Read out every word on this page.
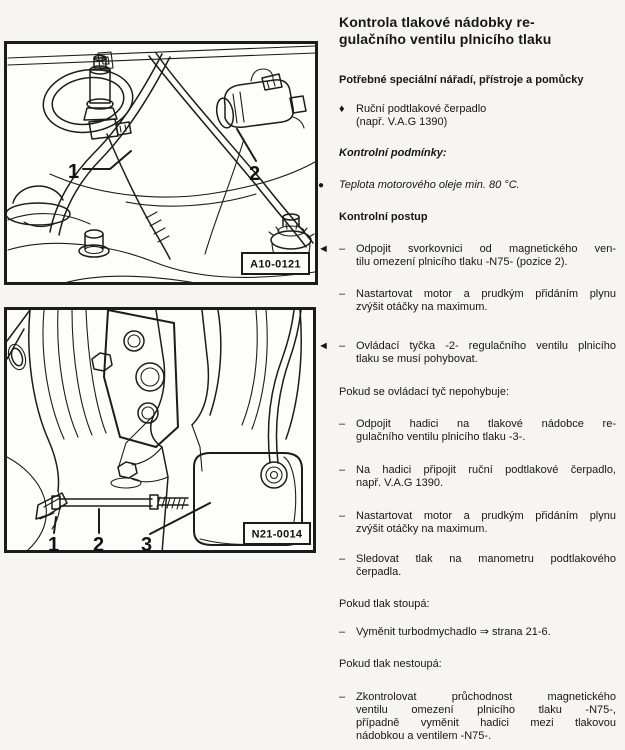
1	2
A10-0121
1 2 3	N21-0014
Kontrola tlakové nádobky re-
gulačního ventilu plnicího tlaku

Potřebné speciální nářadí, přístroje a pomůcky

♦	Ruční podtlakové čerpadlo
(např. V.A.G 1390)

Kontrolní podmínky:

● Teplota motorového oleje min. 80 °C.

Kontrolní postup

◄ – Odpojit svorkovnici od magnetického ven-
tilu omezení plnicího tlaku -N75- (pozice 2).
– Nastartovat motor a prudkým přidáním plynu
zvýšit otáčky na maximum.
◄ – Ovládací tyčka -2- regulačního ventilu plnicího
tlaku se musí pohybovat.

Pokud se ovládací tyč nepohybuje:

– Odpojit hadici na tlakové nádobce re-
gulačního ventilu plnicího tlaku -3-.
– Na hadici připojit ruční podtlakové čerpadlo,
např. V.A.G 1390.
– Nastartovat motor a prudkým přidáním plynu
zvýšit otáčky na maximum.
– Sledovat tlak na manometru podtlakového
čerpadla.

Pokud tlak stoupá:

– Vyměnit turbodmychadlo ⇒ strana 21-6.

Pokud tlak nestoupá:

– Zkontrolovat průchodnost magnetického
ventilu omezení plnicího tlaku -N75-,
případně vyměnit hadici mezi tlakovou
nádobkou a ventilem -N75-.
